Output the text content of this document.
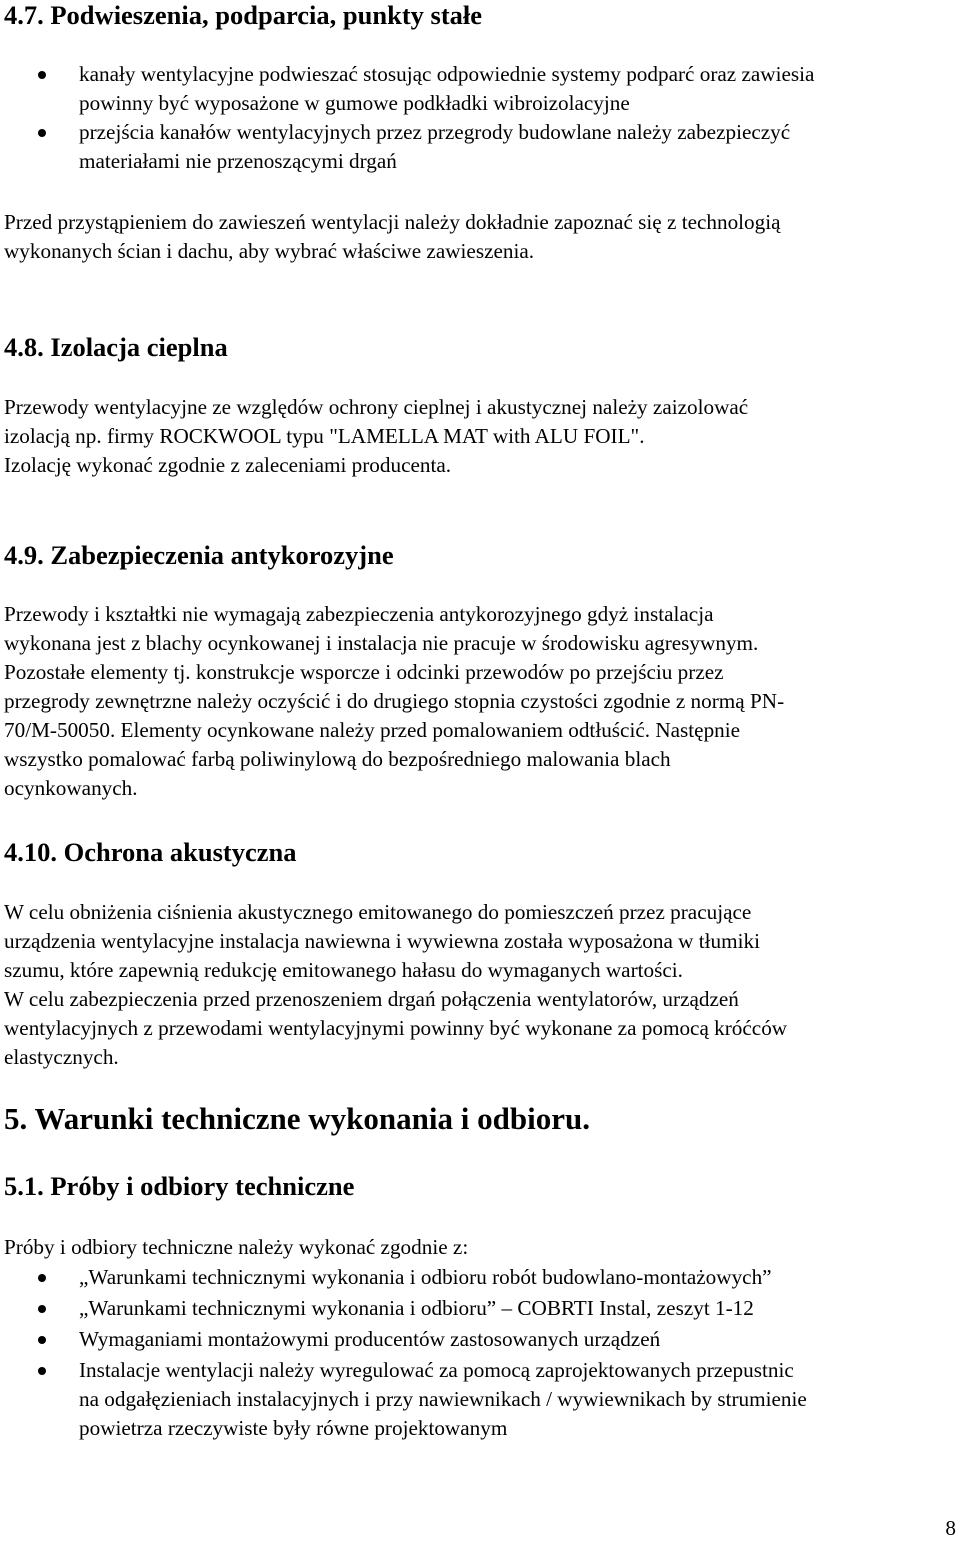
4.7. Podwieszenia, podparcia, punkty stałe
kanały wentylacyjne podwieszać stosując odpowiednie systemy podparć oraz zawiesia
powinny być wyposażone w gumowe podkładki wibroizolacyjne
przejścia kanałów wentylacyjnych przez przegrody budowlane należy zabezpieczyć
materiałami nie przenoszącymi drgań

Przed przystąpieniem do zawieszeń wentylacji należy dokładnie zapoznać się z technologią
wykonanych ścian i dachu, aby wybrać właściwe zawieszenia.

4.8. Izolacja cieplna

Przewody wentylacyjne ze względów ochrony cieplnej i akustycznej należy zaizolować
izolacją np. firmy ROCKWOOL typu "LAMELLA MAT with ALU FOIL".
Izolację wykonać zgodnie z zaleceniami producenta.

4.9. Zabezpieczenia antykorozyjne

Przewody i kształtki nie wymagają zabezpieczenia antykorozyjnego gdyż instalacja
wykonana jest z blachy ocynkowanej i instalacja nie pracuje w środowisku agresywnym.
Pozostałe elementy tj. konstrukcje wsporcze i odcinki przewodów po przejściu przez
przegrody zewnętrzne należy oczyścić i do drugiego stopnia czystości zgodnie z normą PN-
70/M-50050. Elementy ocynkowane należy przed pomalowaniem odtłuścić. Następnie
wszystko pomalować farbą poliwinylową do bezpośredniego malowania blach
ocynkowanych.

4.10. Ochrona akustyczna

W celu obniżenia ciśnienia akustycznego emitowanego do pomieszczeń przez pracujące
urządzenia wentylacyjne instalacja nawiewna i wywiewna została wyposażona w tłumiki
szumu, które zapewnią redukcję emitowanego hałasu do wymaganych wartości.
W celu zabezpieczenia przed przenoszeniem drgań połączenia wentylatorów, urządzeń
wentylacyjnych z przewodami wentylacyjnymi powinny być wykonane za pomocą króćców
elastycznych.

5. Warunki techniczne wykonania i odbioru.
5.1. Próby i odbiory techniczne

Próby i odbiory techniczne należy wykonać zgodnie z:

„Warunkami technicznymi wykonania i odbioru robót budowlano-montażowych”
„Warunkami technicznymi wykonania i odbioru” – COBRTI Instal, zeszyt 1-12
Wymaganiami montażowymi producentów zastosowanych urządzeń
Instalacje wentylacji należy wyregulować za pomocą zaprojektowanych przepustnic
na odgałęzieniach instalacyjnych i przy nawiewnikach / wywiewnikach by strumienie
powietrza rzeczywiste były równe projektowanym
8
